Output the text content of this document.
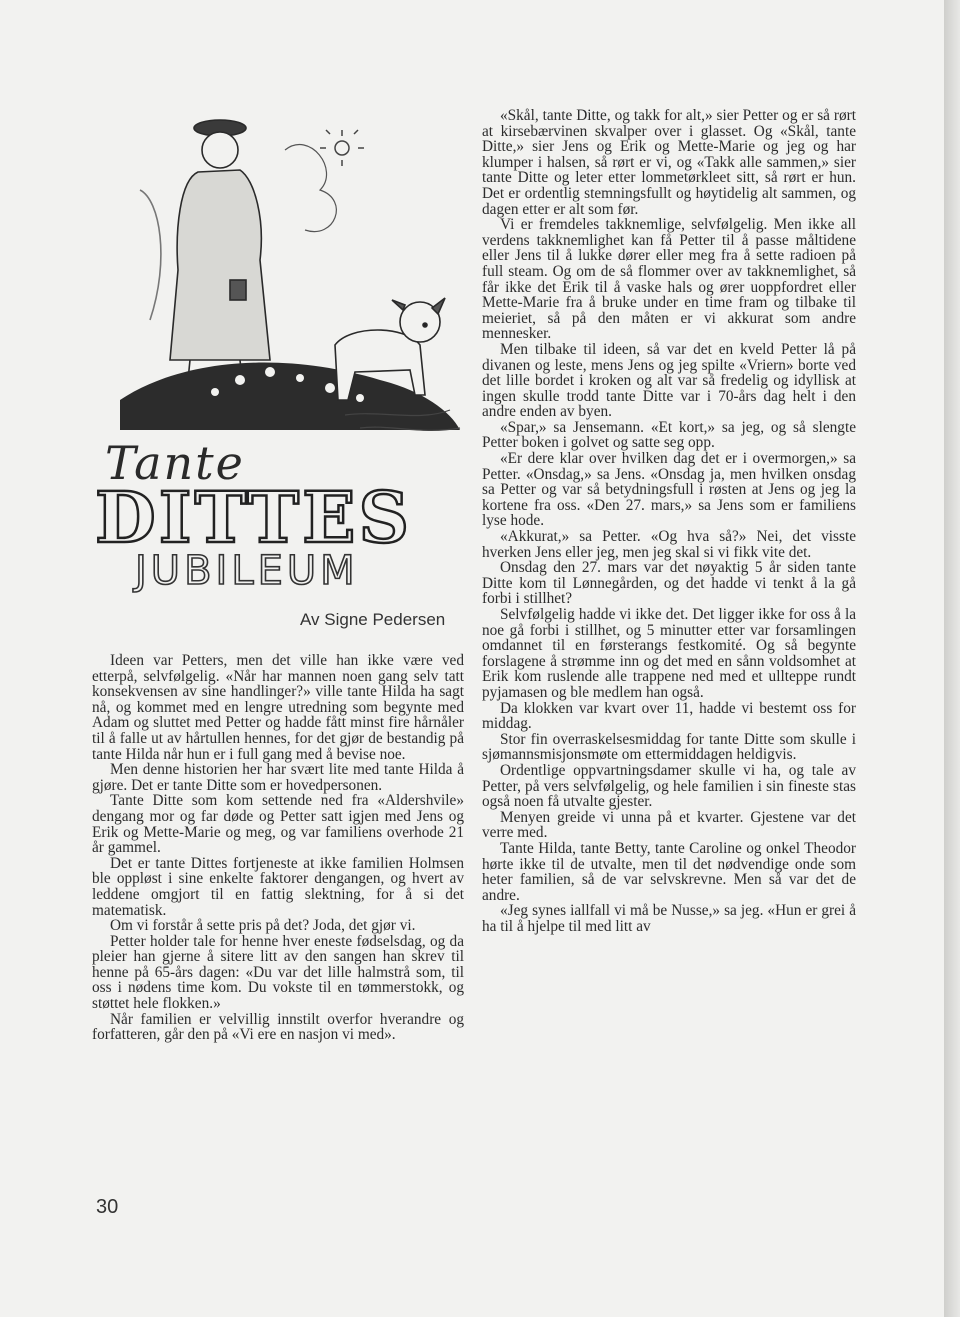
Tante
DITTES
JUBILEUM
Av Signe Pedersen

Ideen var Petters, men det ville han ikke være ved etterpå, selvfølgelig. «Når har mannen noen gang selv tatt konsekvensen av sine handlinger?» ville tante Hilda ha sagt nå, og kommet med en lengre utredning som begynte med Adam og sluttet med Petter og hadde fått minst fire hårnåler til å falle ut av hårtullen hennes, for det gjør de bestandig på tante Hilda når hun er i full gang med å bevise noe.

Men denne historien her har svært lite med tante Hilda å gjøre. Det er tante Ditte som er hovedpersonen.

Tante Ditte som kom settende ned fra «Aldershvile» dengang mor og far døde og Petter satt igjen med Jens og Erik og Mette-Marie og meg, og var familiens overhode 21 år gammel.

Det er tante Dittes fortjeneste at ikke familien Holmsen ble oppløst i sine enkelte faktorer dengangen, og hvert av leddene omgjort til en fattig slektning, for å si det matematisk.

Om vi forstår å sette pris på det? Joda, det gjør vi.

Petter holder tale for henne hver eneste fødselsdag, og da pleier han gjerne å sitere litt av den sangen han skrev til henne på 65-års dagen: «Du var det lille halmstrå som, til oss i nødens time kom. Du vokste til en tømmerstokk, og støttet hele flokken.»

Når familien er velvillig innstilt overfor hverandre og forfatteren, går den på «Vi ere en nasjon vi med».

«Skål, tante Ditte, og takk for alt,» sier Petter og er så rørt at kirsebærvinen skvalper over i glasset. Og «Skål, tante Ditte,» sier Jens og Erik og Mette-Marie og jeg og har klumper i halsen, så rørt er vi, og «Takk alle sammen,» sier tante Ditte og leter etter lommetørkleet sitt, så rørt er hun. Det er ordentlig stemningsfullt og høytidelig alt sammen, og dagen etter er alt som før.

Vi er fremdeles takknemlige, selvfølgelig. Men ikke all verdens takknemlighet kan få Petter til å passe måltidene eller Jens til å lukke dører eller meg fra å sette radioen på full steam. Og om de så flommer over av takknemlighet, så får ikke det Erik til å vaske hals og ører uoppfordret eller Mette-Marie fra å bruke under en time fram og tilbake til meieriet, så på den måten er vi akkurat som andre mennesker.

Men tilbake til ideen, så var det en kveld Petter lå på divanen og leste, mens Jens og jeg spilte «Vriern» borte ved det lille bordet i kroken og alt var så fredelig og idyllisk at ingen skulle trodd tante Ditte var i 70-års dag helt i den andre enden av byen.

«Spar,» sa Jensemann. «Et kort,» sa jeg, og så slengte Petter boken i golvet og satte seg opp.

«Er dere klar over hvilken dag det er i overmorgen,» sa Petter. «Onsdag,» sa Jens. «Onsdag ja, men hvilken onsdag sa Petter og var så betydningsfull i røsten at Jens og jeg la kortene fra oss. «Den 27. mars,» sa Jens som er familiens lyse hode.

«Akkurat,» sa Petter. «Og hva så?» Nei, det visste hverken Jens eller jeg, men jeg skal si vi fikk vite det.

Onsdag den 27. mars var det nøyaktig 5 år siden tante Ditte kom til Lønnegården, og det hadde vi tenkt å la gå forbi i stillhet?

Selvfølgelig hadde vi ikke det. Det ligger ikke for oss å la noe gå forbi i stillhet, og 5 minutter etter var forsamlingen omdannet til en førsterangs festkomité. Og så begynte forslagene å strømme inn og det med en sånn voldsomhet at Erik kom ruslende alle trappene ned med et ullteppe rundt pyjamasen og ble medlem han også.

Da klokken var kvart over 11, hadde vi bestemt oss for middag.

Stor fin overraskelsesmiddag for tante Ditte som skulle i sjømannsmisjonsmøte om ettermiddagen heldigvis.

Ordentlige oppvartningsdamer skulle vi ha, og tale av Petter, på vers selvfølgelig, og hele familien i sin fineste stas også noen få utvalte gjester.

Menyen greide vi unna på et kvarter. Gjestene var det verre med.

Tante Hilda, tante Betty, tante Caroline og onkel Theodor hørte ikke til de utvalte, men til det nødvendige onde som heter familien, så de var selvskrevne. Men så var det de andre.

«Jeg synes iallfall vi må be Nusse,» sa jeg. «Hun er grei å ha til å hjelpe til med litt av

30
